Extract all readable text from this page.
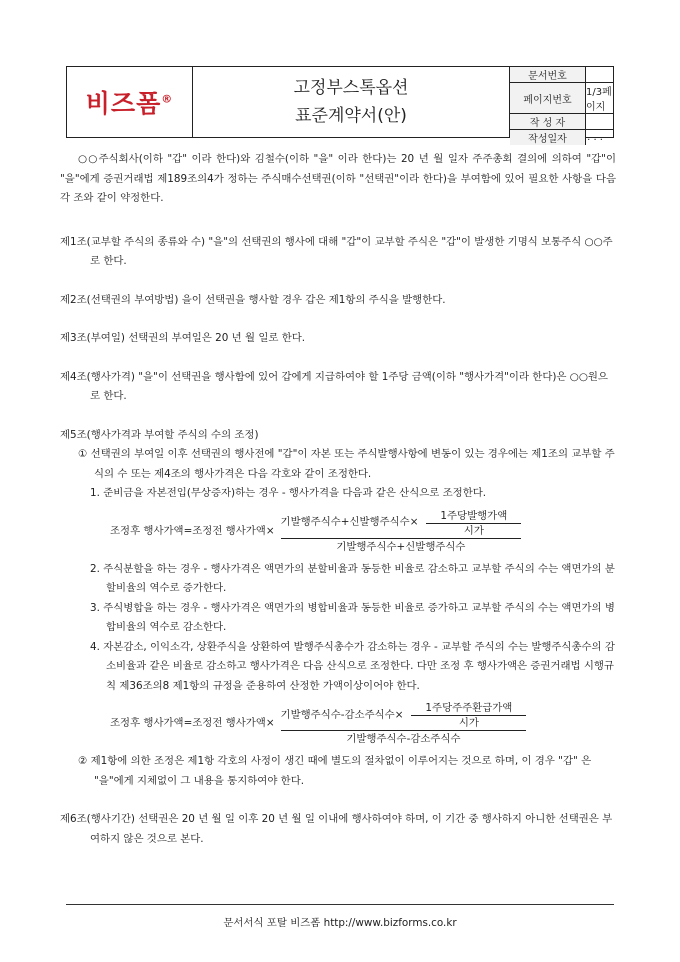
비즈폼®
고정부스톡옵션
표준계약서(안)
문서번호
페이지번호
1/3페이지
작 성 자
작성일자	. . .

○○주식회사(이하 "갑" 이라 한다)와 김철수(이하 "을" 이라 한다)는 20 년 월 일자 주주총회 결의에 의하여 "갑"이 "을"에게 증권거래법 제189조의4가 정하는 주식매수선택권(이하 "선택권"이라 한다)을 부여함에 있어 필요한 사항을 다음 각 조와 같이 약정한다.

제1조(교부할 주식의 종류와 수) "을"의 선택권의 행사에 대해 "갑"이 교부할 주식은 "갑"이 발생한 기명식 보통주식 ○○주로 한다.

제2조(선택권의 부여방법) 을이 선택권을 행사할 경우 갑은 제1항의 주식을 발행한다.

제3조(부여일) 선택권의 부여일은 20 년 월 일로 한다.

제4조(행사가격) "을"이 선택권을 행사함에 있어 갑에게 지급하여야 할 1주당 금액(이하 "행사가격"이라 한다)은 ○○원으로 한다.

제5조(행사가격과 부여할 주식의 수의 조정)

① 선택권의 부여일 이후 선택권의 행사전에 "갑"이 자본 또는 주식발행사항에 변동이 있는 경우에는 제1조의 교부할 주식의 수 또는 제4조의 행사가격은 다음 각호와 같이 조정한다.

1. 준비금을 자본전입(무상증자)하는 경우 - 행사가격을 다음과 같은 산식으로 조정한다.

조정후 행사가액=조정전 행사가액×
기발행주식수+신발행주식수× $\frac{\text{1주당발행가액}}{\text{시가}}$
기발행주식수+신발행주식수

2. 주식분할을 하는 경우 - 행사가격은 액면가의 분할비율과 동등한 비율로 감소하고 교부할 주식의 수는 액면가의 분할비율의 역수로 증가한다.

3. 주식병합을 하는 경우 - 행사가격은 액면가의 병합비율과 동등한 비율로 증가하고 교부할 주식의 수는 액면가의 병합비율의 역수로 감소한다.

4. 자본감소, 이익소각, 상환주식을 상환하여 발행주식총수가 감소하는 경우 - 교부할 주식의 수는 발행주식총수의 감소비율과 같은 비율로 감소하고 행사가격은 다음 산식으로 조정한다. 다만 조정 후 행사가액은 증권거래법 시행규칙 제36조의8 제1항의 규정을 준용하여 산정한 가액이상이어야 한다.

조정후 행사가액=조정전 행사가액×
기발행주식수-감소주식수× $\frac{\text{1주당주주환급가액}}{\text{시가}}$
기발행주식수-감소주식수

② 제1항에 의한 조정은 제1항 각호의 사정이 생긴 때에 별도의 절차없이 이루어지는 것으로 하며, 이 경우 "갑" 은 "을"에게 지체없이 그 내용을 통지하여야 한다.

제6조(행사기간) 선택권은 20 년 월 일 이후 20 년 월 일 이내에 행사하여야 하며, 이 기간 중 행사하지 아니한 선택권은 부여하지 않은 것으로 본다.

문서서식 포탈 비즈폼 http://www.bizforms.co.kr
